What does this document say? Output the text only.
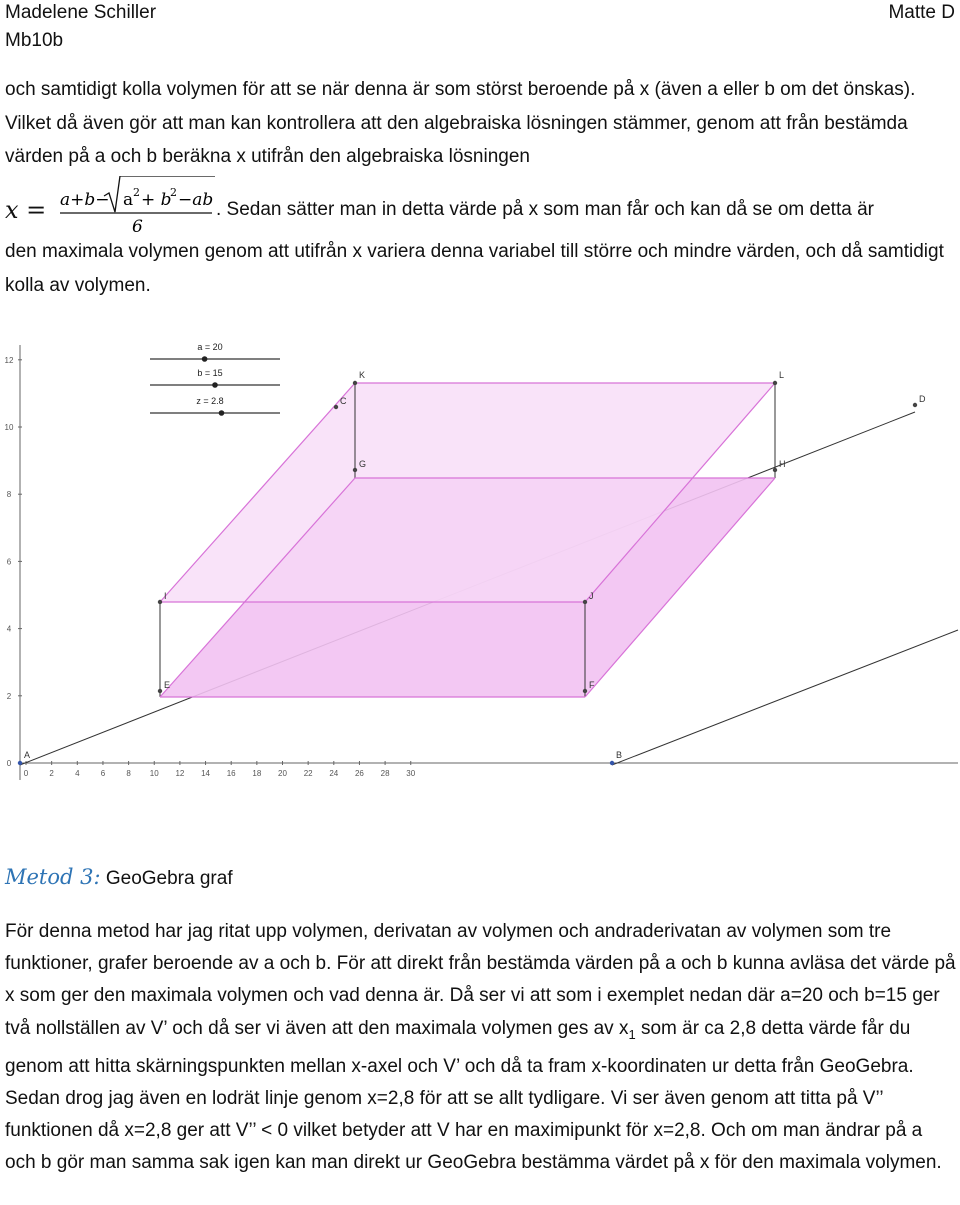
Madelene Schiller
Mb10b
Matte D
och samtidigt kolla volymen för att se när denna är som störst beroende på x (även a eller b om det önskas). Vilket då även gör att man kan kontrollera att den algebraiska lösningen stämmer, genom att från bestämda värden på a och b beräkna x utifrån den algebraiska lösningen
x = a+b− a 2 + b
2 −ab
6
. Sedan sätter man in detta värde på x som man får och kan då se om detta är
den maximala volymen genom att utifrån x variera denna variabel till större och mindre värden, och då samtidigt kolla av volymen.
12
10
8
6
4
2
0
0	2	4	6	8 10 12 14 16 18 20 22 24 26 28 30
A	B
C	D
E	F
G	H
I	J
K	L
a = 20
b = 15
z = 2.8
Metod 3: GeoGebra graf
För denna metod har jag ritat upp volymen, derivatan av volymen och andraderivatan av volymen som tre funktioner, grafer beroende av a och b. För att direkt från bestämda värden på a och b kunna avläsa det värde på x som ger den maximala volymen och vad denna är. Då ser vi att som i exemplet nedan där a=20 och b=15 ger två nollställen av V’ och då ser vi även att den maximala volymen ges av $x_1$ som är ca 2,8 detta värde får du genom att hitta skärningspunkten mellan x-axel och V’ och då ta fram x-koordinaten ur detta från GeoGebra. Sedan drog jag även en lodrät linje genom x=2,8 för att se allt tydligare. Vi ser även genom att titta på V’’ funktionen då x=2,8 ger att V’’ < 0 vilket betyder att V har en maximipunkt för x=2,8. Och om man ändrar på a och b gör man samma sak igen kan man direkt ur GeoGebra bestämma värdet på x för den maximala volymen.
